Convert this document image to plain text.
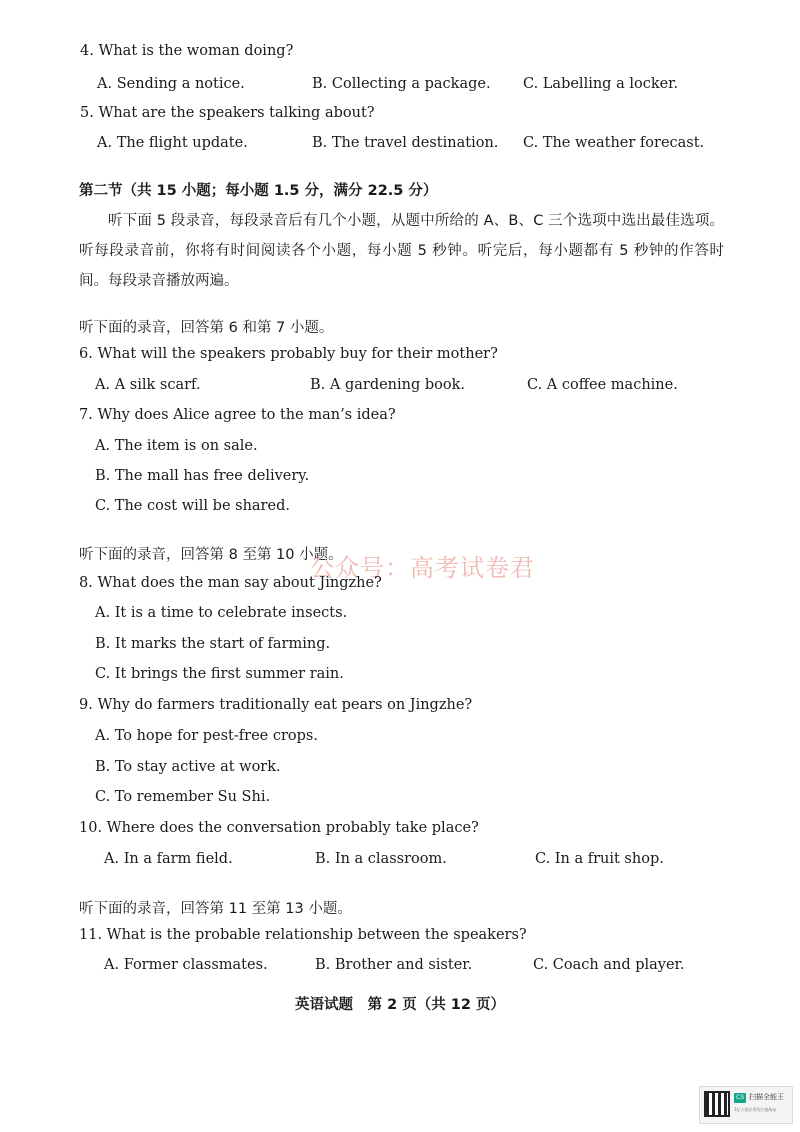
4. What is the woman doing?
A. Sending a notice.	B. Collecting a package. C. Labelling a locker.
5. What are the speakers talking about?
A. The flight update.	B. The travel destination. C. The weather forecast.
第二节（共 15 小题；每小题 1.5 分，满分 22.5 分）
听下面 5 段录音，每段录音后有几个小题，从题中所给的 A、B、C 三个选项中选出最佳选项。听每段录音前，你将有时间阅读各个小题，每小题 5 秒钟。听完后，每小题都有 5 秒钟的作答时间。每段录音播放两遍。
听下面的录音，回答第 6 和第 7 小题。
6. What will the speakers probably buy for their mother?
A. A silk scarf.	B. A gardening book.	C. A coffee machine.
7. Why does Alice agree to the man’s idea?
A. The item is on sale.
B. The mall has free delivery.
C. The cost will be shared.
听下面的录音，回答第 8 至第 10 小题。
公众号：高考试卷君
8. What does the man say about Jingzhe?
A. It is a time to celebrate insects.
B. It marks the start of farming.
C. It brings the first summer rain.
9. Why do farmers traditionally eat pears on Jingzhe?
A. To hope for pest-free crops.
B. To stay active at work.
C. To remember Su Shi.
10. Where does the conversation probably take place?
A. In a farm field.	B. In a classroom.	C. In a fruit shop.
听下面的录音，回答第 11 至第 13 小题。
11. What is the probable relationship between the speakers?
A. Former classmates.	B. Brother and sister.	C. Coach and player.
英语试题　第 2 页（共 12 页）
CS 扫描全能王
3亿人都在用的扫描App
